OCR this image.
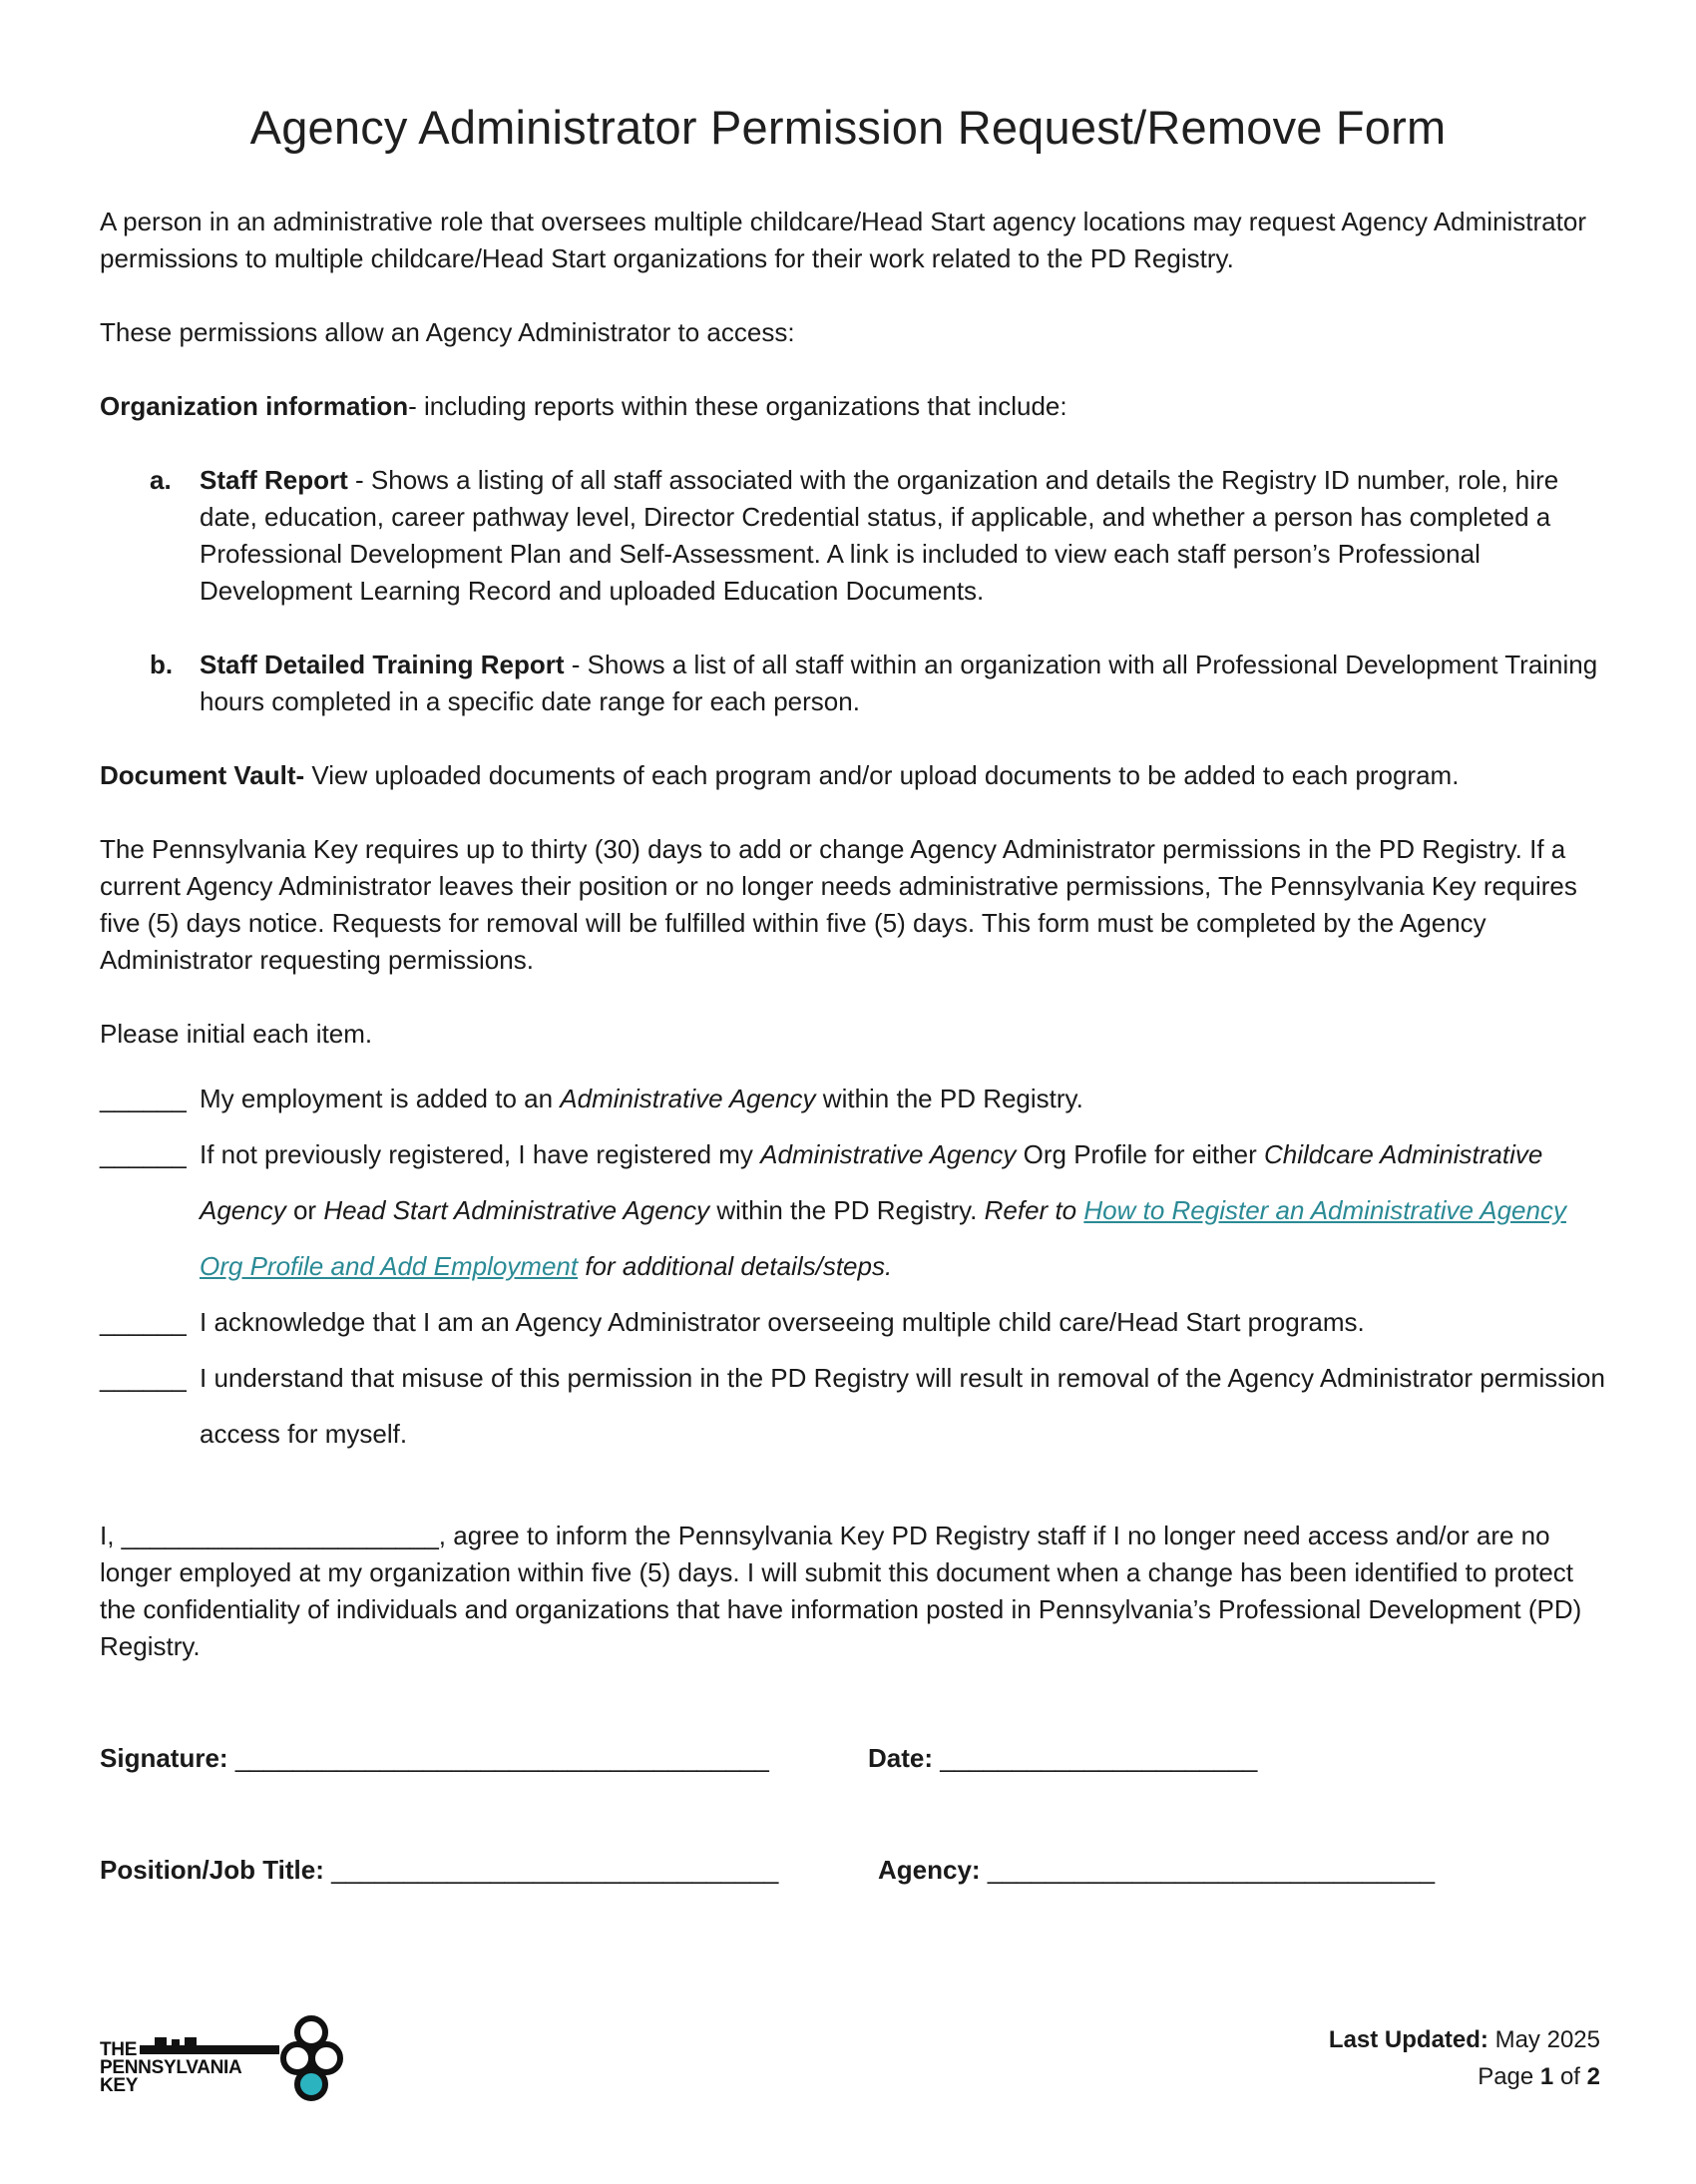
Agency Administrator Permission Request/Remove Form

A person in an administrative role that oversees multiple childcare/Head Start agency locations may request Agency Administrator permissions to multiple childcare/Head Start organizations for their work related to the PD Registry.

These permissions allow an Agency Administrator to access:

Organization information- including reports within these organizations that include:

a. Staff Report - Shows a listing of all staff associated with the organization and details the Registry ID number, role, hire date, education, career pathway level, Director Credential status, if applicable, and whether a person has completed a Professional Development Plan and Self-Assessment. A link is included to view each staff person’s Professional Development Learning Record and uploaded Education Documents.
b. Staff Detailed Training Report - Shows a list of all staff within an organization with all Professional Development Training hours completed in a specific date range for each person.

Document Vault- View uploaded documents of each program and/or upload documents to be added to each program.

The Pennsylvania Key requires up to thirty (30) days to add or change Agency Administrator permissions in the PD Registry. If a current Agency Administrator leaves their position or no longer needs administrative permissions, The Pennsylvania Key requires five (5) days notice. Requests for removal will be fulfilled within five (5) days. This form must be completed by the Agency Administrator requesting permissions.

Please initial each item.

______ My employment is added to an Administrative Agency within the PD Registry.
______ If not previously registered, I have registered my Administrative Agency Org Profile for either Childcare Administrative Agency or Head Start Administrative Agency within the PD Registry. Refer to How to Register an Administrative Agency Org Profile and Add Employment for additional details/steps.
______ I acknowledge that I am an Agency Administrator overseeing multiple child care/Head Start programs.
______ I understand that misuse of this permission in the PD Registry will result in removal of the Agency Administrator permission access for myself.

I, ______________________, agree to inform the Pennsylvania Key PD Registry staff if I no longer need access and/or are no longer employed at my organization within five (5) days. I will submit this document when a change has been identified to protect the confidentiality of individuals and organizations that have information posted in Pennsylvania’s Professional Development (PD) Registry.

Signature: _____________________________________	Date: ______________________
Position/Job Title: _______________________________	Agency: _______________________________
THE
PENNSYLVANIA
KEY
Last Updated: May 2025
Page 1 of 2
